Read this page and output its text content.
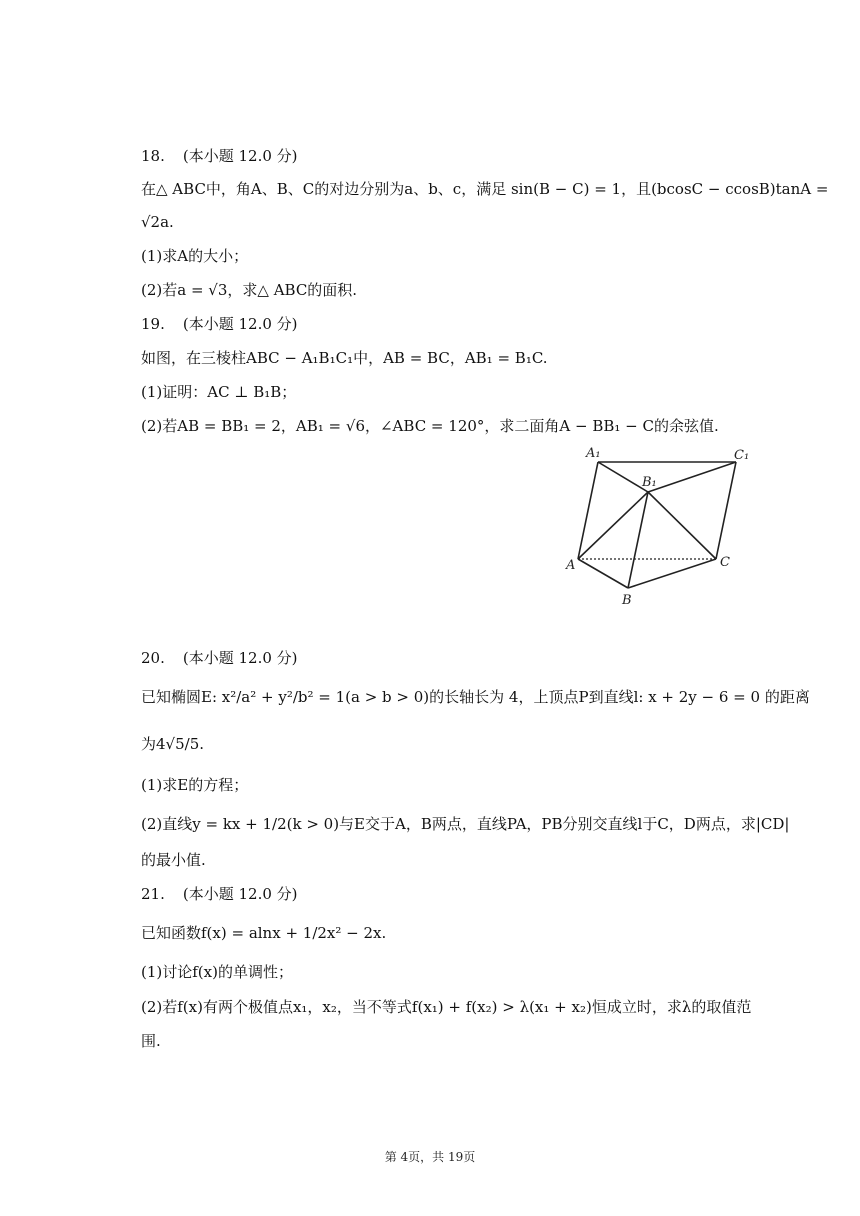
18. (本小题 12.0 分)
在△ ABC中，角A、B、C的对边分别为a、b、c，满足 sin(B − C) = 1，且(bcosC − ccosB)tanA =
√2a.
(1)求A的大小；
(2)若a = √3，求△ ABC的面积.
19. (本小题 12.0 分)
如图，在三棱柱ABC − A₁B₁C₁中，AB = BC，AB₁ = B₁C.
(1)证明：AC ⊥ B₁B；
(2)若AB = BB₁ = 2，AB₁ = √6，∠ABC = 120°，求二面角A − BB₁ − C的余弦值.
A₁	C₁
B₁
A
B
C
20. (本小题 12.0 分)
已知椭圆E: x²/a² + y²/b² = 1(a > b > 0)的长轴长为 4，上顶点P到直线l: x + 2y − 6 = 0 的距离
为4√5/5.
(1)求E的方程；
(2)直线y = kx + 1/2(k > 0)与E交于A，B两点，直线PA，PB分别交直线l于C，D两点，求|CD|
的最小值.
21. (本小题 12.0 分)
已知函数f(x) = alnx + 1/2x² − 2x.
(1)讨论f(x)的单调性；
(2)若f(x)有两个极值点x₁，x₂，当不等式f(x₁) + f(x₂) > λ(x₁ + x₂)恒成立时，求λ的取值范
围.
第 4页，共 19页
